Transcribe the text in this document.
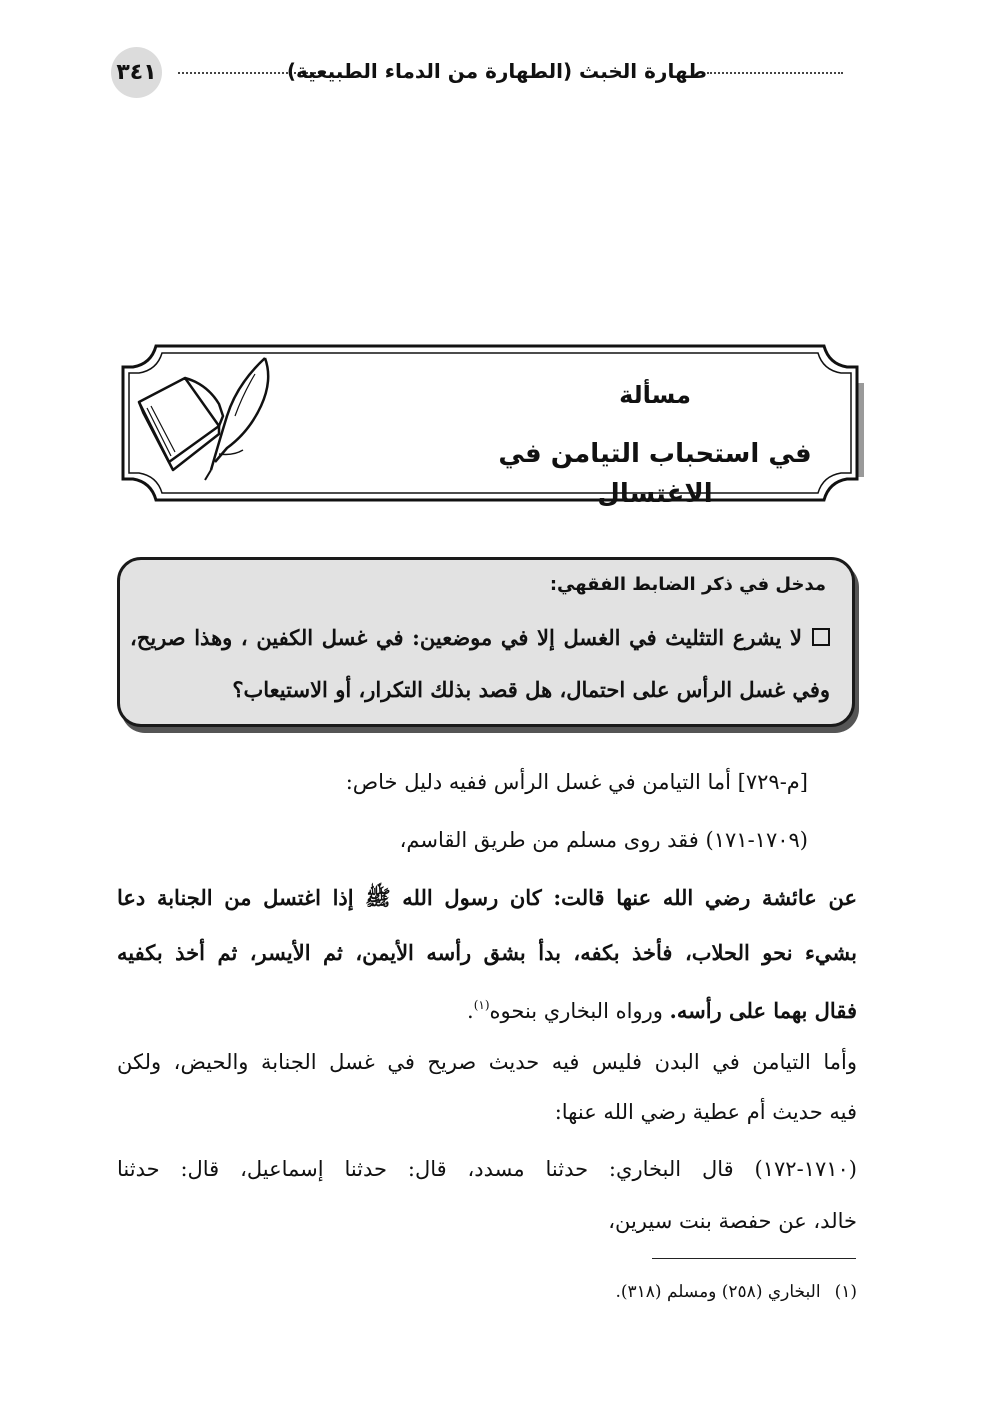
٣٤١	طهارة الخبث (الطهارة من الدماء الطبيعية)
مسألة
في استحباب التيامن في الاغتسال
مدخل في ذكر الضابط الفقهي:
لا يشرع التثليث في الغسل إلا في موضعين: في غسل الكفين ، وهذا صريح،
وفي غسل الرأس على احتمال، هل قصد بذلك التكرار، أو الاستيعاب؟
[م-٧٢٩] أما التيامن في غسل الرأس ففيه دليل خاص:
(١٧٠٩-١٧١) فقد روى مسلم من طريق القاسم،
عن عائشة رضي الله عنها قالت: كان رسول الله ﷺ إذا اغتسل من الجنابة دعا
بشيء نحو الحلاب، فأخذ بكفه، بدأ بشق رأسه الأيمن، ثم الأيسر، ثم أخذ بكفيه
فقال بهما على رأسه. ورواه البخاري بنحوه$^{(١)}$.
وأما التيامن في البدن فليس فيه حديث صريح في غسل الجنابة والحيض، ولكن
فيه حديث أم عطية رضي الله عنها:
(١٧١٠-١٧٢) قال البخاري: حدثنا مسدد، قال: حدثنا إسماعيل، قال: حدثنا
خالد، عن حفصة بنت سيرين،
(١)البخاري (٢٥٨) ومسلم (٣١٨).
